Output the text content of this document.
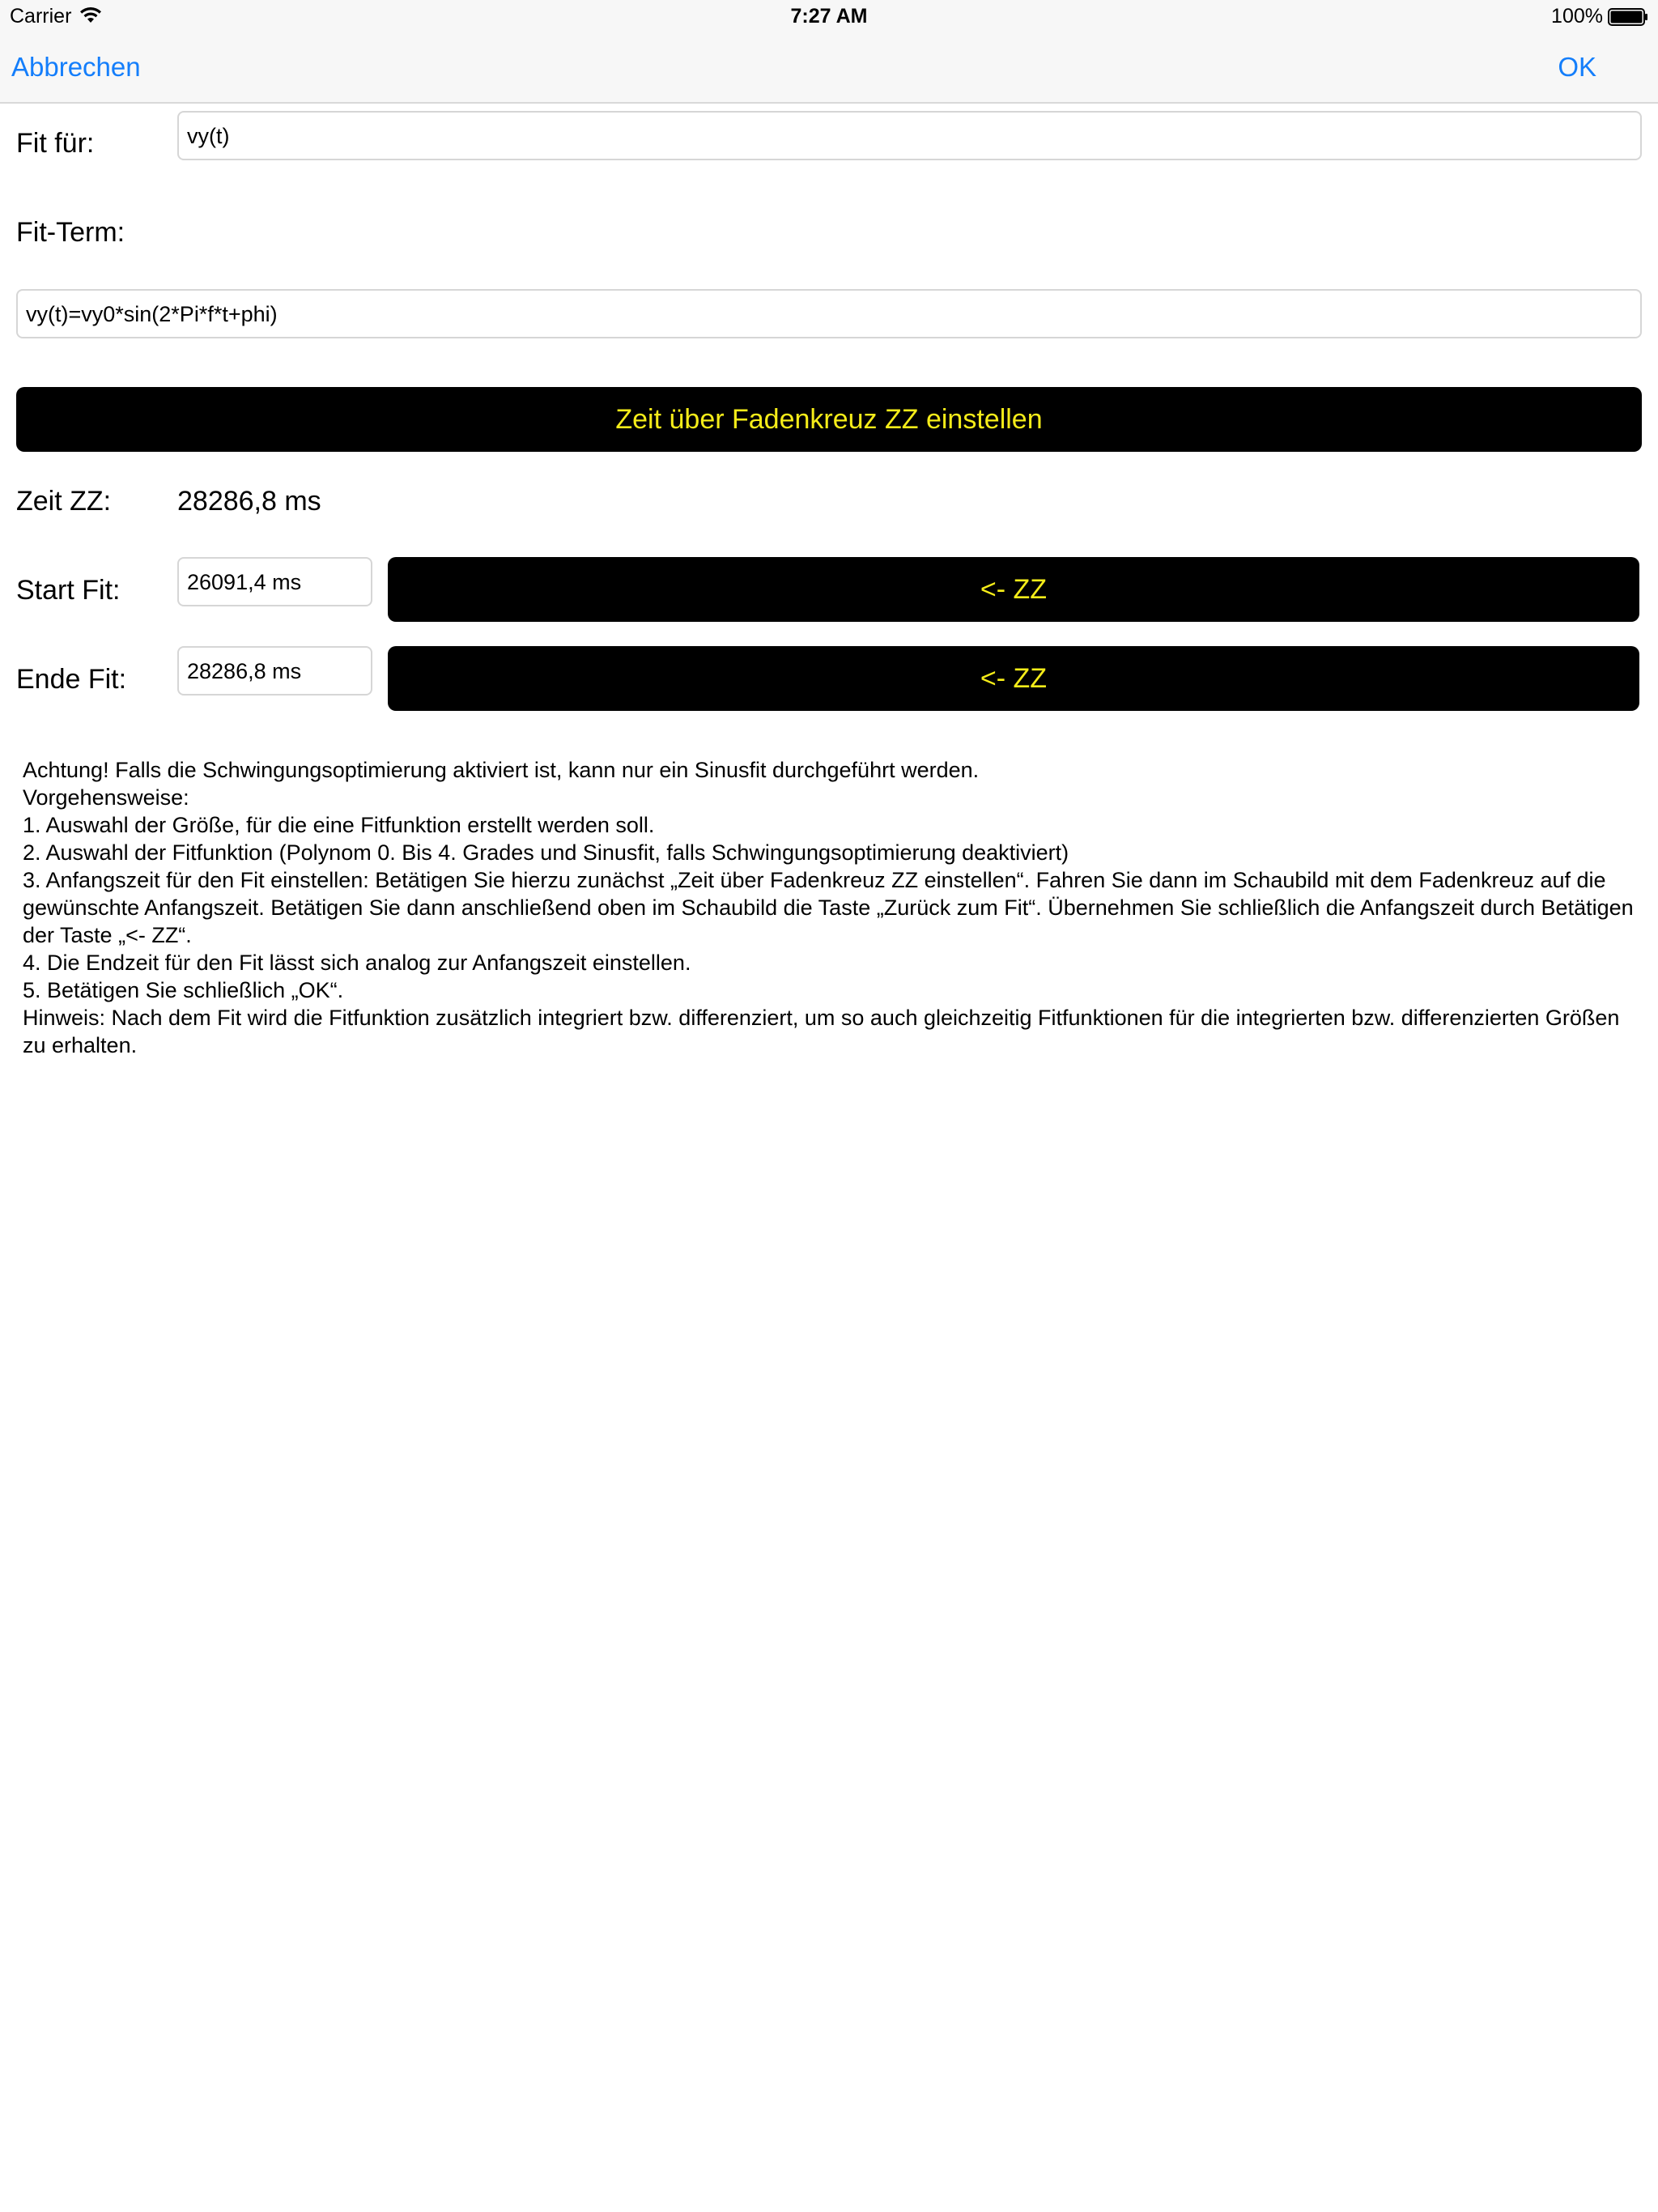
Carrier	7:27 AM	100%
Abbrechen	OK
Fit für:	vy(t)
Fit-Term:
vy(t)=vy0*sin(2*Pi*f*t+phi)
Zeit über Fadenkreuz ZZ einstellen
Zeit ZZ: 28286,8 ms
Start Fit:	26091,4 ms	<- ZZ
Ende Fit:	28286,8 ms	<- ZZ
Achtung! Falls die Schwingungsoptimierung aktiviert ist, kann nur ein Sinusfit durchgeführt werden.
Vorgehensweise:
1. Auswahl der Größe, für die eine Fitfunktion erstellt werden soll.
2. Auswahl der Fitfunktion (Polynom 0. Bis 4. Grades und Sinusfit, falls Schwingungsoptimierung deaktiviert)
3. Anfangszeit für den Fit einstellen: Betätigen Sie hierzu zunächst „Zeit über Fadenkreuz ZZ einstellen“. Fahren Sie dann im Schaubild mit dem Fadenkreuz auf die gewünschte Anfangszeit. Betätigen Sie dann anschließend oben im Schaubild die Taste „Zurück zum Fit“. Übernehmen Sie schließlich die Anfangszeit durch Betätigen der Taste „<- ZZ“.
4. Die Endzeit für den Fit lässt sich analog zur Anfangszeit einstellen.
5. Betätigen Sie schließlich „OK“.
Hinweis: Nach dem Fit wird die Fitfunktion zusätzlich integriert bzw. differenziert, um so auch gleichzeitig Fitfunktionen für die integrierten bzw. differenzierten Größen zu erhalten.
